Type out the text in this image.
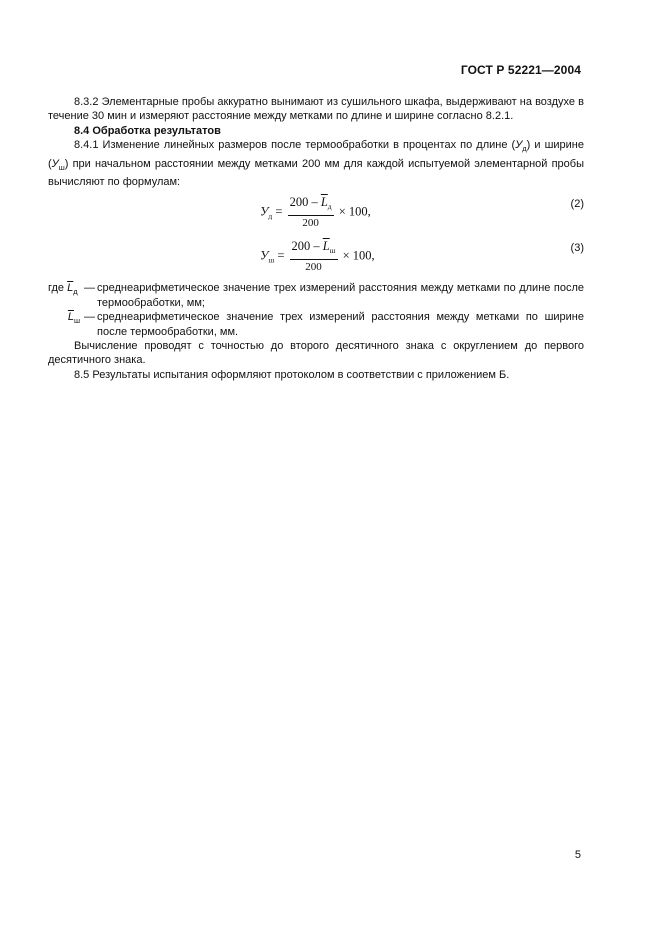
ГОСТ Р 52221—2004

8.3.2 Элементарные пробы аккуратно вынимают из сушильного шкафа, выдерживают на воздухе в течение 30 мин и измеряют расстояние между метками по длине и ширине согласно 8.2.1.

8.4 Обработка результатов

8.4.1 Изменение линейных размеров после термообработки в процентах по длине $(У_д)$ и ширине $(У_ш)$ при начальном расстоянии между метками 200 мм для каждой испытуемой элементарной пробы вычисляют по формулам:

$У_д = \frac{200 - \overline{L}_д}{200} \times 100$,
(2)
$У_ш = \frac{200 - \overline{L}_ш}{200} \times 100$,
(3)
где $\overline{L}_д$ — среднеарифметическое значение трех измерений расстояния между метками по длине после термообработки, мм;
$\overline{L}_ш$ — среднеарифметическое значение трех измерений расстояния между метками по ширине после термообработки, мм.

Вычисление проводят с точностью до второго десятичного знака с округлением до первого десятичного знака.

8.5 Результаты испытания оформляют протоколом в соответствии с приложением Б.

5
